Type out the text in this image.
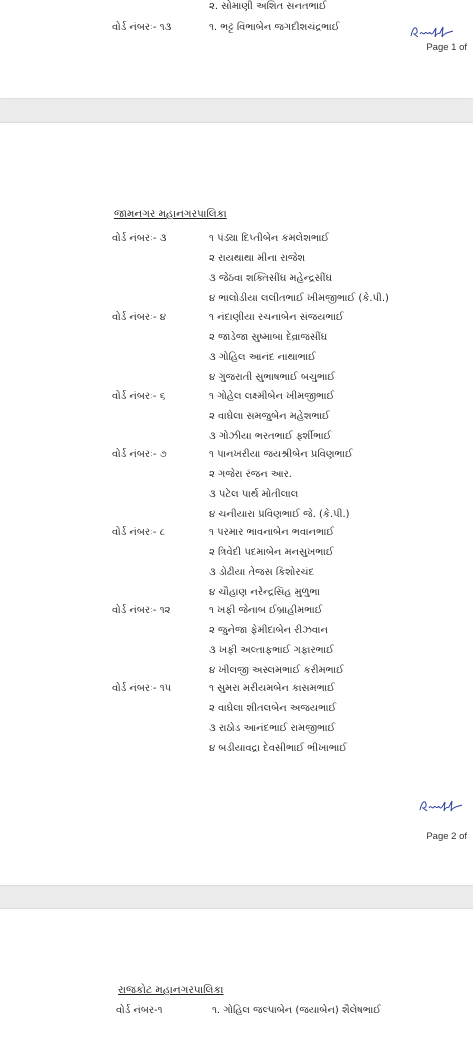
૨. સોમાણી અશિત સનતભાઈ
વોર્ડ નંબરઃ- ૧૩	૧. ભટ્ટ વિભાબેન જગદીશચંદ્રભાઈ
Page 1 of
જામનગર મહાનગરપાલિકા
વોર્ડ નંબરઃ- ૩	૧ પંડ્યા દિપ્તીબેન કમલેશભાઈ
૨ રાયથાથા મીના રાજેશ
૩ જેઠવા શક્તિસીંઘ મહેન્દ્રસીંઘ
૪ ભાલોડીયા લલીતભાઈ ખીમજીભાઈ (કે.પી.)
વોર્ડ નંબરઃ- ૪	૧ નંદાણીયા રચનાબેન સંજયભાઈ
૨ જાડેજા સુષ્માબા દેવ્રાજસીંઘ
૩ ગોહિલ આનંદ નાથાભાઈ
૪ ગુજરાતી સુભાષભાઈ બચુભાઈ
વોર્ડ નંબરઃ- ૬	૧ ગોહેલ લક્ષ્મીબેન ખીમજીભાઈ
૨ વાઘેલા સમજુબેન મહેશભાઈ
૩ ગોઝીયા ભરતભાઈ ર્ફ્શીભાઈ
વોર્ડ નંબરઃ- ૭	૧ પાનખરીયા જયશ્રીબેન પ્રવિણભાઈ
૨ ગજેરા રંજન આર.
૩ પટેલ પાર્થ મોતીલાલ
૪ ચનીયારા પ્રવિણભાઈ જે. (કે.પી.)
વોર્ડ નંબરઃ- ૮	૧ પરમાર ભાવનાબેન ભવાનભાઈ
૨ ત્રિવેદી પદમાબેન મનસુખભાઈ
૩ ડોઢીયા તેજસ કિશોરચંદ
૪ ચૌહાણ નરેન્દ્રસિંહ મુળુભા
વોર્ડ નંબરઃ- ૧૨	૧ ખફી જેનાબ ઈબ્રાહીમભાઈ
૨ જુનેજા ફેમીદાબેન રીઝવાન
૩ ખફી અલ્તાફભાઈ ગફારભાઈ
૪ ખીલજી અસ્લમભાઈ કરીમભાઈ
વોર્ડ નંબરઃ- ૧૫	૧ સુમરા મરીયમબેન કાસમભાઈ
૨ વાઘેલા શીતલબેન અજયભાઈ
૩ રાઠોડ આનંદભાઈ રામજીભાઈ
૪ બડીયાવદ્રા દેવસીભાઈ ભીખાભાઈ
Page 2 of
રાજકોટ મહાનગરપાલિકા
વોર્ડ નંબર-૧	૧. ગોહિલ જલ્પાબેન (જયાબેન) શૈલેષભાઈ
